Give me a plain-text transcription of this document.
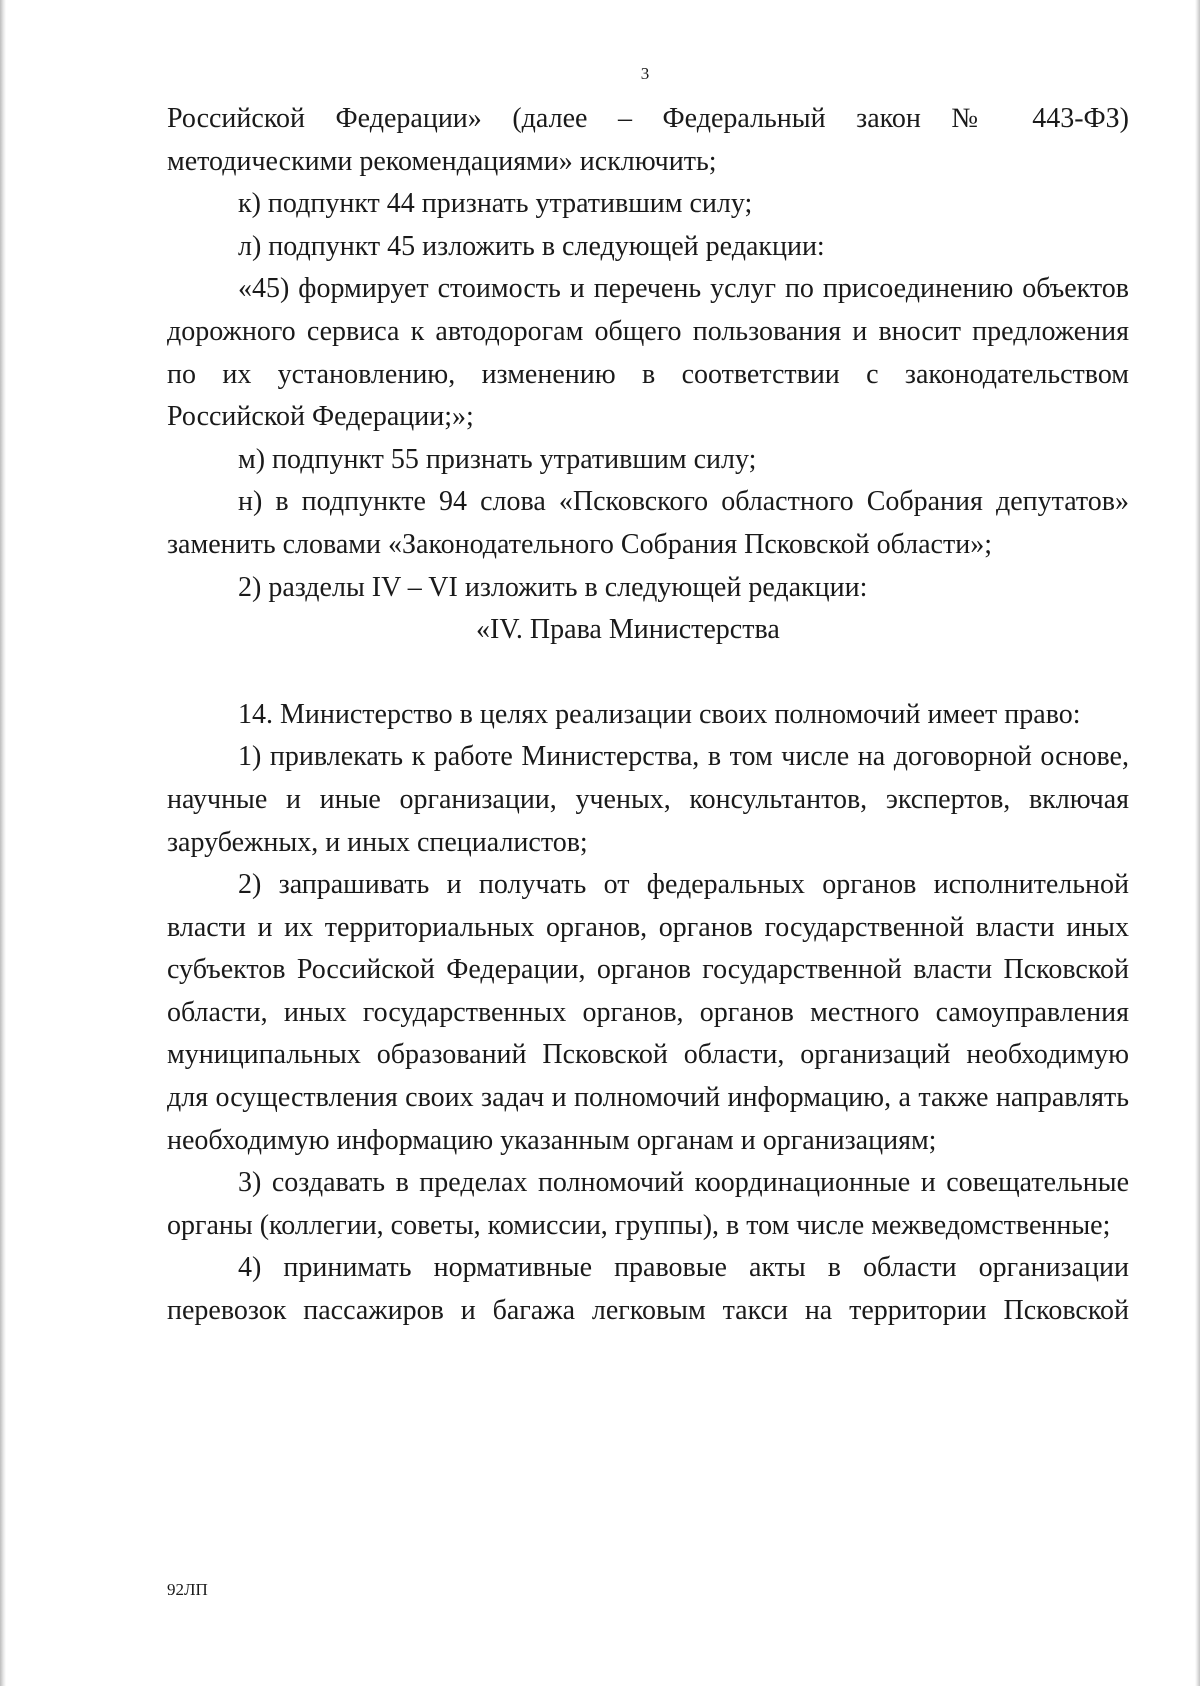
3

Российской Федерации» (далее – Федеральный закон № 443-ФЗ) методическими рекомендациями» исключить;

к) подпункт 44 признать утратившим силу;

л) подпункт 45 изложить в следующей редакции:

«45) формирует стоимость и перечень услуг по присоединению объектов дорожного сервиса к автодорогам общего пользования и вносит предложения по их установлению, изменению в соответствии с законодательством Российской Федерации;»;

м) подпункт 55 признать утратившим силу;

н) в подпункте 94 слова «Псковского областного Собрания депутатов» заменить словами «Законодательного Собрания Псковской области»;

2) разделы IV – VI изложить в следующей редакции:

«IV. Права Министерства

14. Министерство в целях реализации своих полномочий имеет право:

1) привлекать к работе Министерства, в том числе на договорной основе, научные и иные организации, ученых, консультантов, экспертов, включая зарубежных, и иных специалистов;

2) запрашивать и получать от федеральных органов исполнительной власти и их территориальных органов, органов государственной власти иных субъектов Российской Федерации, органов государственной власти Псковской области, иных государственных органов, органов местного самоуправления муниципальных образований Псковской области, организаций необходимую для осуществления своих задач и полномочий информацию, а также направлять необходимую информацию указанным органам и организациям;

3) создавать в пределах полномочий координационные и совещательные органы (коллегии, советы, комиссии, группы), в том числе межведомственные;

4) принимать нормативные правовые акты в области организации перевозок пассажиров и багажа легковым такси на территории Псковской

92ЛП
